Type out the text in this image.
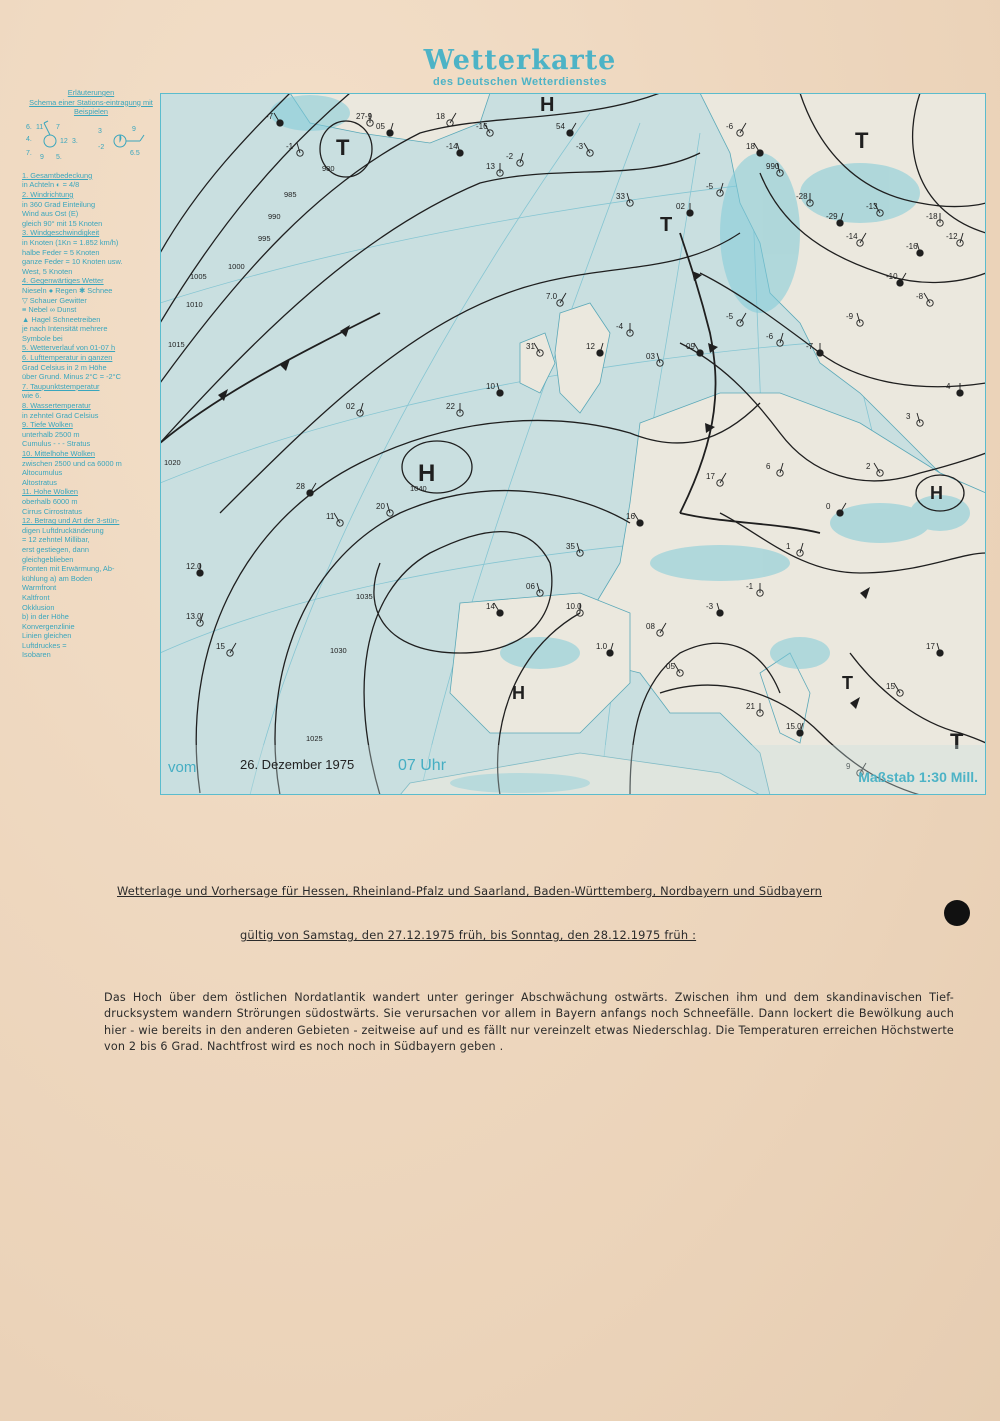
Wetterkarte
des Deutschen Wetterdienstes
Erläuterungen
Schema einer Stations-eintragung mit Beispielen
6. 11 7
4.	12 3.
7.
9 5.
3	9
-2
6.5
1. Gesamtbedeckung
in Achteln ◐ = 4/8
2. Windrichtung
in 360 Grad Einteilung
Wind aus Ost (E)
gleich 90° mit 15 Knoten
3. Windgeschwindigkeit
in Knoten (1Kn = 1.852 km/h)
halbe Feder = 5 Knoten
ganze Feder = 10 Knoten usw.
West, 5 Knoten
4. Gegenwärtiges Wetter
Nieseln ● Regen ✱ Schnee
▽ Schauer Gewitter
≡ Nebel ∞ Dunst
▲ Hagel Schneetreiben
je nach Intensität mehrere
Symbole bei
5. Wetterverlauf von 01-07 h
6. Lufttemperatur in ganzen
Grad Celsius in 2 m Höhe
über Grund. Minus 2°C = -2°C
7. Taupunktstemperatur
wie 6.
8. Wassertemperatur
in zehntel Grad Celsius
9. Tiefe Wolken
unterhalb 2500 m
Cumulus - - - Stratus
10. Mittelhohe Wolken
zwischen 2500 und ca 6000 m
Altocumulus
Altostratus
11. Hohe Wolken
oberhalb 6000 m
Cirrus Cirrostratus
12. Betrag und Art der 3-stün-
digen Luftdruckänderung
= 12 zehntel Millibar,
erst gestiegen, dann
gleichgeblieben
Fronten mit Erwärmung, Ab-
kühlung a) am Boden
Warmfront
Kaltfront
Okklusion
b) in der Höhe
Konvergenzlinie
Linien gleichen
Luftdruckes =
Isobaren
T
H
T
H
H
T
H
T
T
980
985
990
995
1000
1005
1010
1015
1020
1025
1030
1035
1040
-7
-1
27-9
05
18
-16
-14
13
-2
54
-3
33
02
-5
-6
18
990
-28
-29
-14
-13
-16
-18
-12
-10
-8
-9
-7
-6
-5
09
03
-4
12
7.0
31
10
22
02
28
11
20
12.0
13.0
15
14
06
10.0
1.0
08
05
-3
-1
1
0
2
3
4
6
17
16
35
21
15.0
9
15
17
vom	26. Dezember 1975	07 Uhr
Maßstab 1:30 Mill.
Wetterlage und Vorhersage für Hessen, Rheinland-Pfalz und Saarland, Baden-Württemberg, Nordbayern und Südbayern
gültig von Samstag, den 27.12.1975 früh, bis Sonntag, den 28.12.1975 früh :
Das Hoch über dem östlichen Nordatlantik wandert unter geringer Abschwächung ostwärts. Zwischen ihm und dem skandinavischen Tief-drucksystem wandern Strörungen südostwärts. Sie verursachen vor allem in Bayern anfangs noch Schneefälle. Dann lockert die Bewölkung auch hier - wie bereits in den anderen Gebieten - zeitweise auf und es fällt nur vereinzelt etwas Niederschlag. Die Temperaturen erreichen Höchstwerte von 2 bis 6 Grad. Nachtfrost wird es noch noch in Südbayern geben .
